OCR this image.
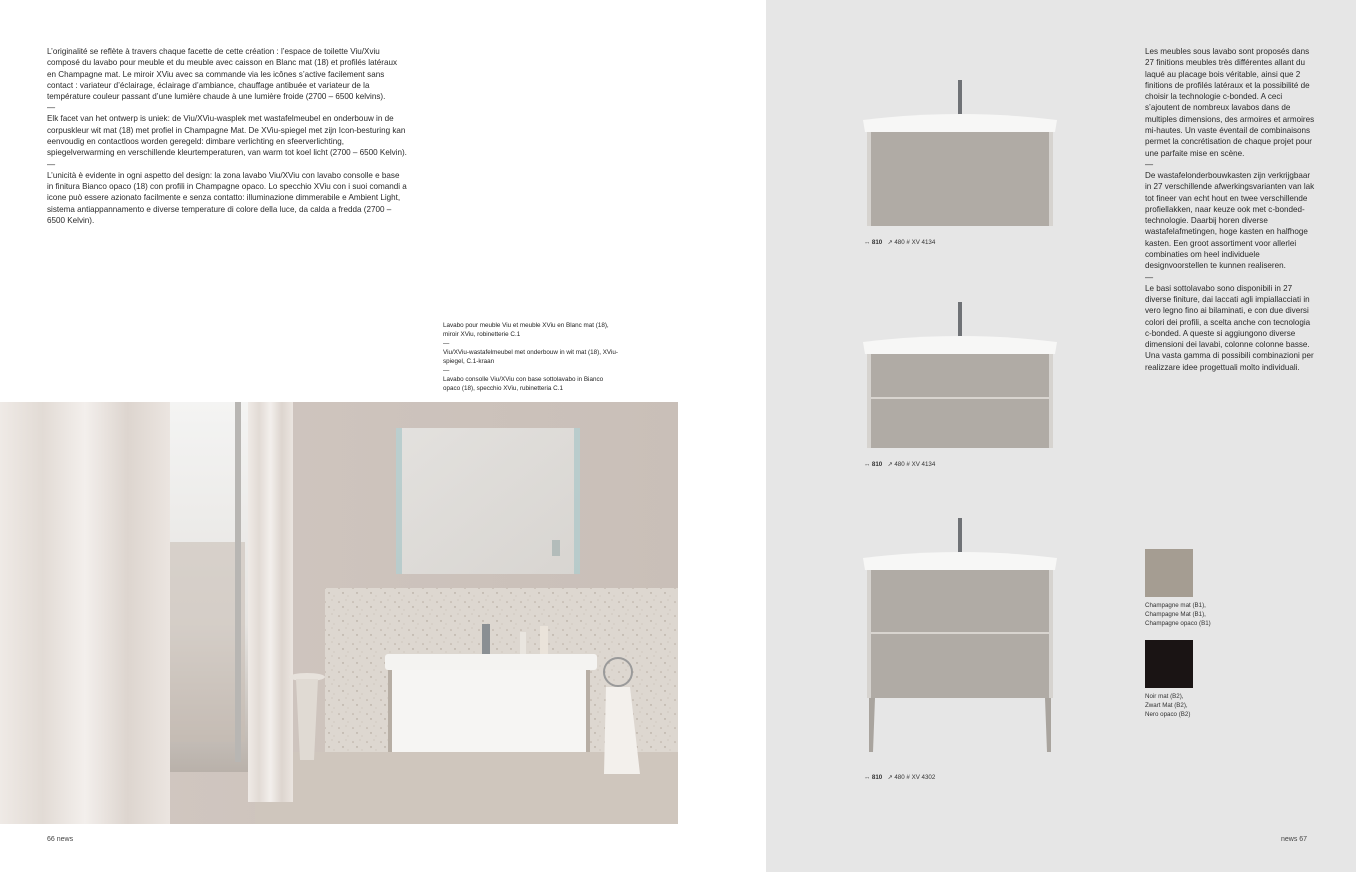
L’originalité se reflète à travers chaque facette de cette création : l’espace de toilette Viu/Xviu composé du lavabo pour meuble et du meuble avec caisson en Blanc mat (18) et profilés latéraux en Champagne mat. Le miroir XViu avec sa commande via les icônes s’active facilement sans contact : variateur d’éclairage, éclairage d’ambiance, chauffage antibuée et variateur de la température couleur passant d’une lumière chaude à une lumière froide (2700 – 6500 kelvins).

—

Elk facet van het ontwerp is uniek: de Viu/XViu-wasplek met wastafelmeubel en onderbouw in de corpuskleur wit mat (18) met profiel in Champagne Mat. De XViu-spiegel met zijn Icon-besturing kan eenvoudig en contactloos worden geregeld: dimbare verlichting en sfeerverlichting, spiegelverwarming en verschillende kleurtemperaturen, van warm tot koel licht (2700 – 6500 Kelvin).

—

L’unicità è evidente in ogni aspetto del design: la zona lavabo Viu/XViu con lavabo consolle e base in finitura Bianco opaco (18) con profili in Champagne opaco. Lo specchio XViu con i suoi comandi a icone può essere azionato facilmente e senza contatto: illuminazione dimmerabile e Ambient Light, sistema antiappannamento e diverse temperature di colore della luce, da calda a fredda (2700 – 6500 Kelvin).

Lavabo pour meuble Viu et meuble XViu en Blanc mat (18), miroir XViu, robinetterie C.1

—

Viu/XViu-wastafelmeubel met onderbouw in wit mat (18), XViu-spiegel, C.1-kraan

—

Lavabo consolle Viu/XViu con base sottolavabo in Bianco opaco (18), specchio XViu, rubinetteria C.1

66 news	news 67

Les meubles sous lavabo sont proposés dans 27 finitions meubles très différentes allant du laqué au placage bois véritable, ainsi que 2 finitions de profilés latéraux et la possibilité de choisir la technologie c-bonded. A ceci s’ajoutent de nombreux lavabos dans de multiples dimensions, des armoires et armoires mi-hautes. Un vaste éventail de combinaisons permet la concrétisation de chaque projet pour une parfaite mise en scène.

—

De wastafelonderbouwkasten zijn verkrijgbaar in 27 verschillende afwerkingsvarianten van lak tot fineer van echt hout en twee verschillende profiellakken, naar keuze ook met c-bonded-technologie. Daarbij horen diverse wastafelafmetingen, hoge kasten en halfhoge kasten. Een groot assortiment voor allerlei combinaties om heel individuele designvoorstellen te kunnen realiseren.

—

Le basi sottolavabo sono disponibili in 27 diverse finiture, dai laccati agli impiallacciati in vero legno fino ai bilaminati, e con due diversi colori dei profili, a scelta anche con tecnologia c-bonded. A queste si aggiungono diverse dimensioni dei lavabi, colonne colonne basse. Una vasta gamma di possibili combinazioni per realizzare idee progettuali molto individuali.

↔ 810 ↗ 480 # XV 4134
↔ 810 ↗ 480 # XV 4134
↔ 810 ↗ 480 # XV 4302

Champagne mat (B1),

Champagne Mat (B1),

Champagne opaco (B1)

Noir mat (B2),

Zwart Mat (B2),

Nero opaco (B2)
